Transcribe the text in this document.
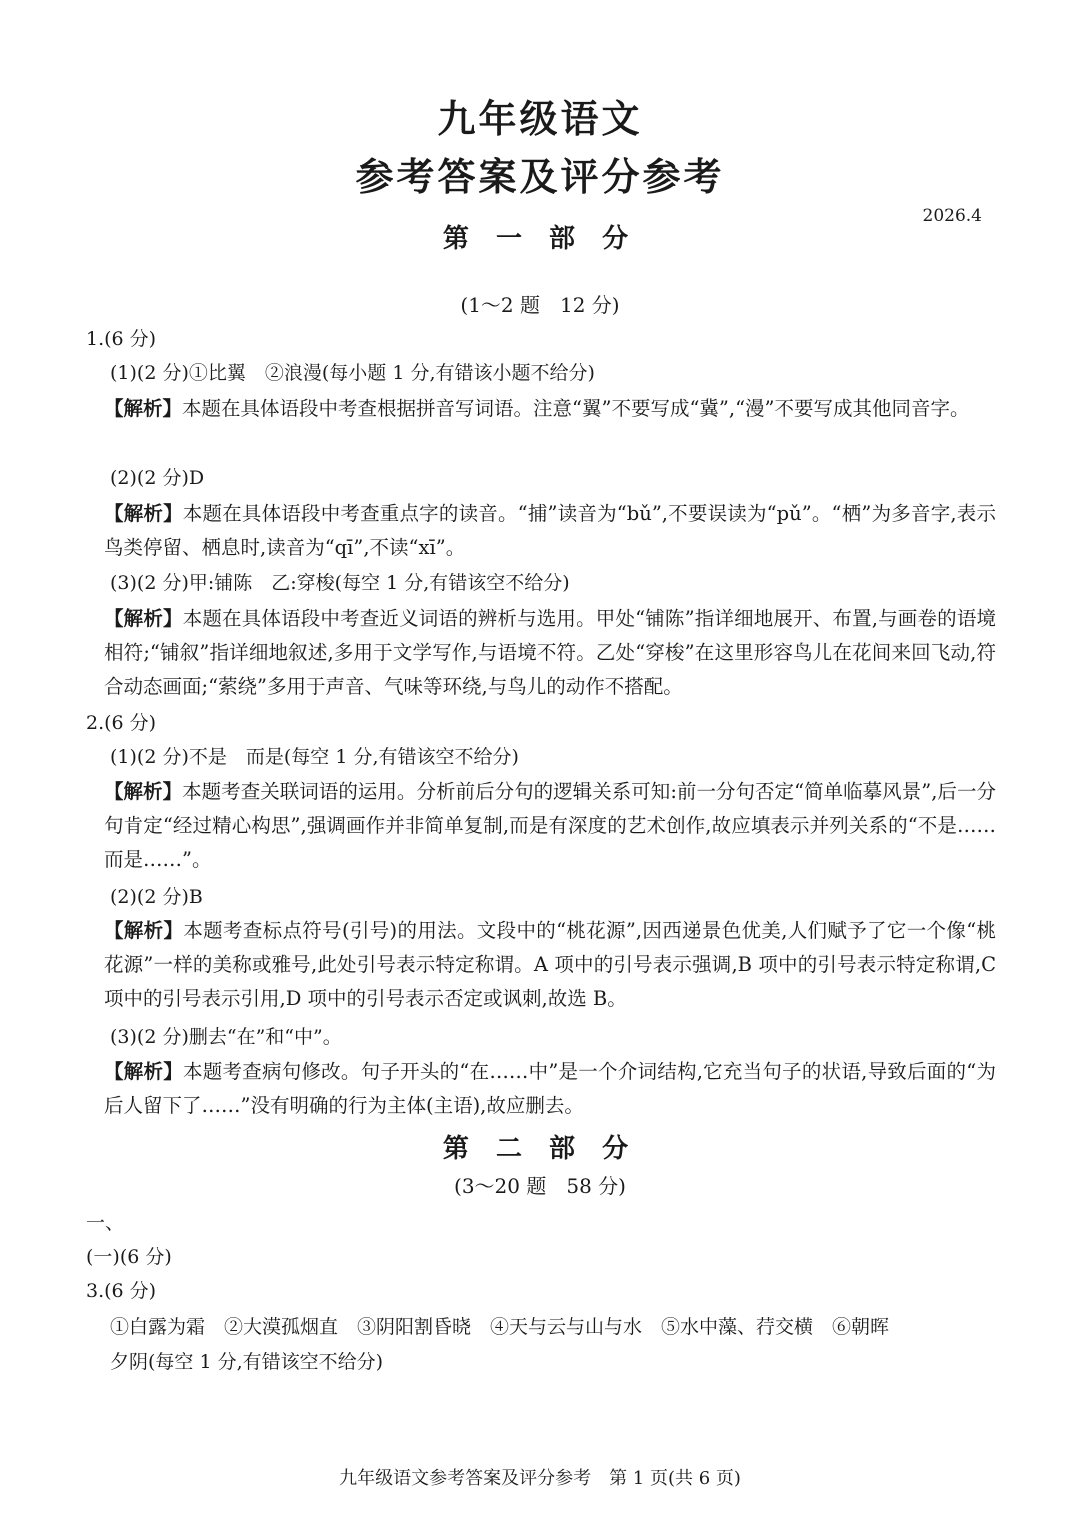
九年级语文
参考答案及评分参考
2026.4
第 一 部 分
(1～2 题　12 分)
1.(6 分)
(1)(2 分)①比翼　②浪漫(每小题 1 分,有错该小题不给分)
【解析】本题在具体语段中考查根据拼音写词语。注意“翼”不要写成“冀”,“漫”不要写成其他同音字。
(2)(2 分)D
【解析】本题在具体语段中考查重点字的读音。“捕”读音为“bǔ”,不要误读为“pǔ”。“栖”为多音字,表示鸟类停留、栖息时,读音为“qī”,不读“xī”。
(3)(2 分)甲:铺陈　乙:穿梭(每空 1 分,有错该空不给分)
【解析】本题在具体语段中考查近义词语的辨析与选用。甲处“铺陈”指详细地展开、布置,与画卷的语境相符;“铺叙”指详细地叙述,多用于文学写作,与语境不符。乙处“穿梭”在这里形容鸟儿在花间来回飞动,符合动态画面;“萦绕”多用于声音、气味等环绕,与鸟儿的动作不搭配。
2.(6 分)
(1)(2 分)不是　而是(每空 1 分,有错该空不给分)
【解析】本题考查关联词语的运用。分析前后分句的逻辑关系可知:前一分句否定“简单临摹风景”,后一分句肯定“经过精心构思”,强调画作并非简单复制,而是有深度的艺术创作,故应填表示并列关系的“不是……而是……”。
(2)(2 分)B
【解析】本题考查标点符号(引号)的用法。文段中的“桃花源”,因西递景色优美,人们赋予了它一个像“桃花源”一样的美称或雅号,此处引号表示特定称谓。A 项中的引号表示强调,B 项中的引号表示特定称谓,C 项中的引号表示引用,D 项中的引号表示否定或讽刺,故选 B。
(3)(2 分)删去“在”和“中”。
【解析】本题考查病句修改。句子开头的“在……中”是一个介词结构,它充当句子的状语,导致后面的“为后人留下了……”没有明确的行为主体(主语),故应删去。
第 二 部 分
(3～20 题　58 分)
一、
(一)(6 分)
3.(6 分)
①白露为霜　②大漠孤烟直　③阴阳割昏晓　④天与云与山与水　⑤水中藻、荇交横　⑥朝晖
夕阴(每空 1 分,有错该空不给分)
九年级语文参考答案及评分参考　第 1 页(共 6 页)
